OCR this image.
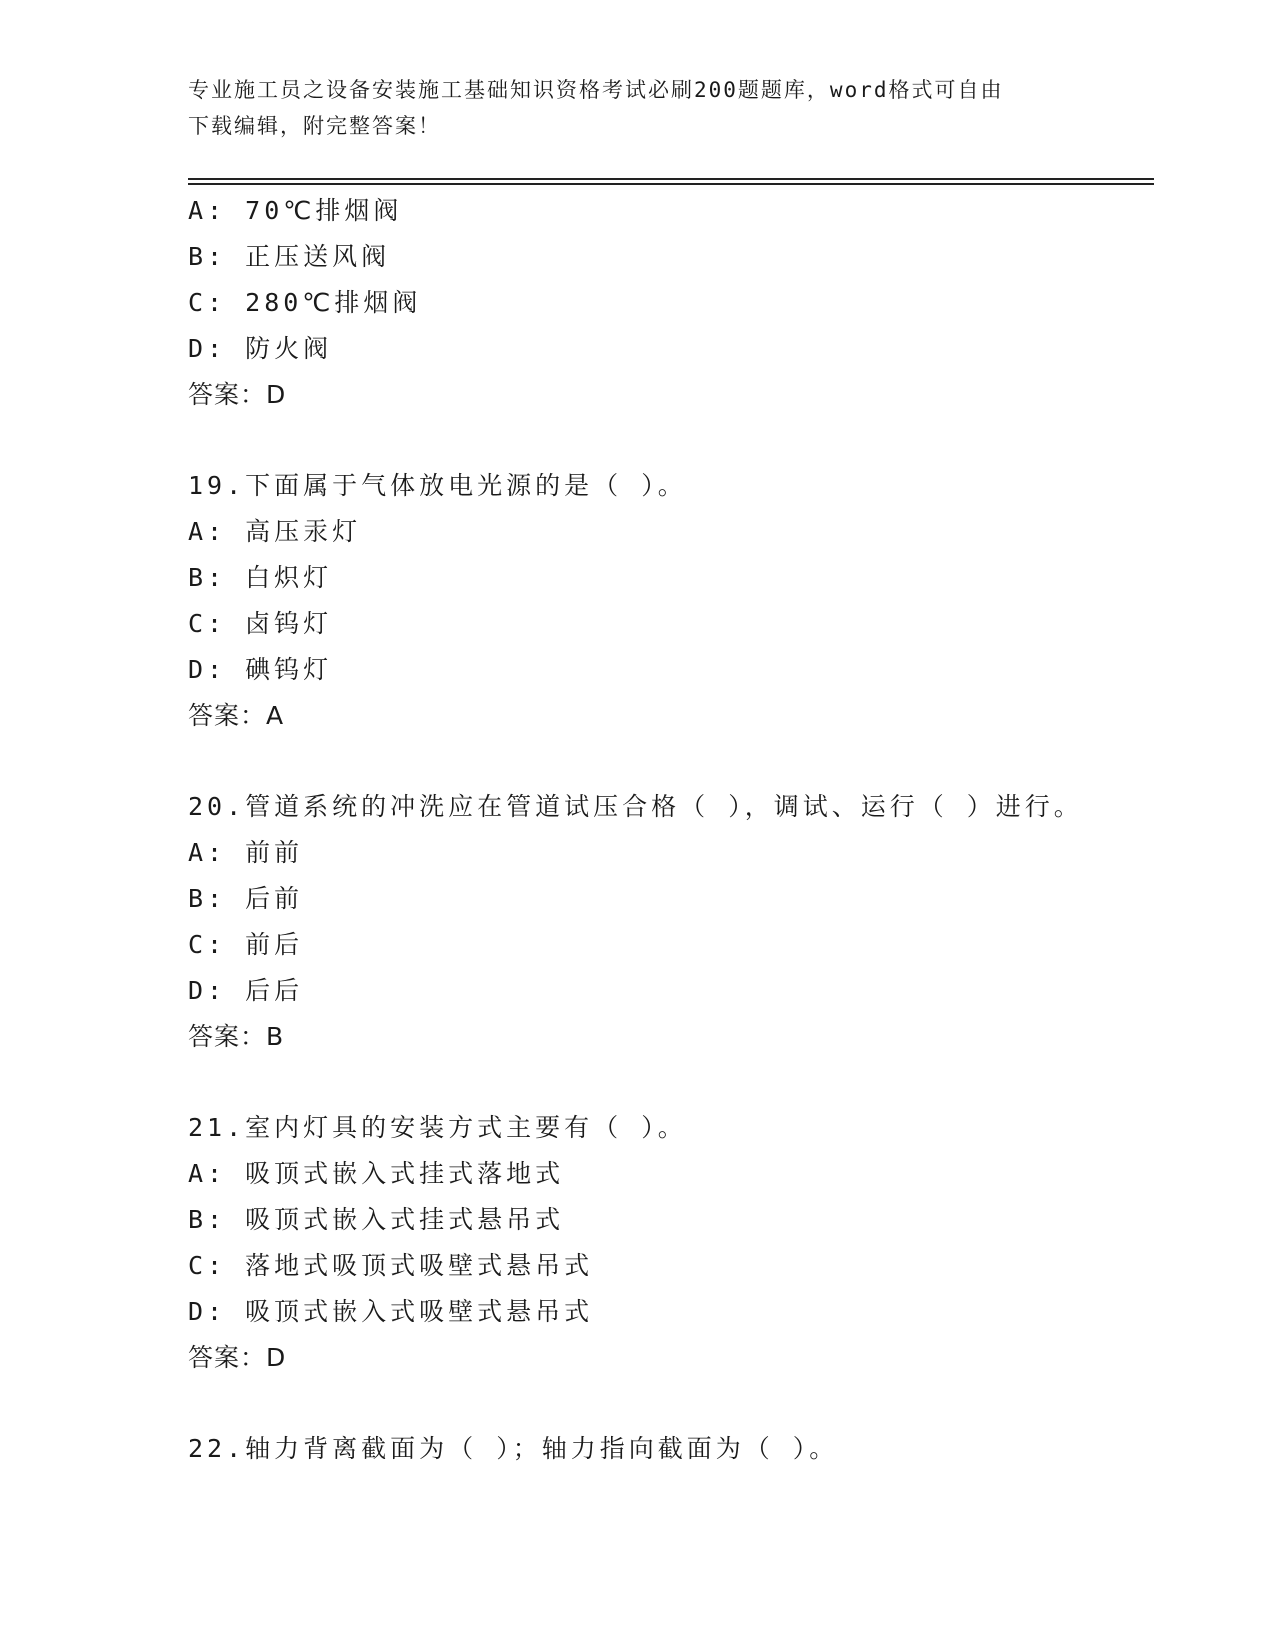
专业施工员之设备安装施工基础知识资格考试必刷200题题库，word格式可自由
下载编辑，附完整答案！
A: 70℃排烟阀
B: 正压送风阀
C: 280℃排烟阀
D: 防火阀
答案：D
19.下面属于气体放电光源的是（ ）。
A: 高压汞灯
B: 白炽灯
C: 卤钨灯
D: 碘钨灯
答案：A
20.管道系统的冲洗应在管道试压合格（ ），调试、运行（ ）进行。
A: 前前
B: 后前
C: 前后
D: 后后
答案：B
21.室内灯具的安装方式主要有（ ）。
A: 吸顶式嵌入式挂式落地式
B: 吸顶式嵌入式挂式悬吊式
C: 落地式吸顶式吸壁式悬吊式
D: 吸顶式嵌入式吸壁式悬吊式
答案：D
22.轴力背离截面为（ ）；轴力指向截面为（ ）。
